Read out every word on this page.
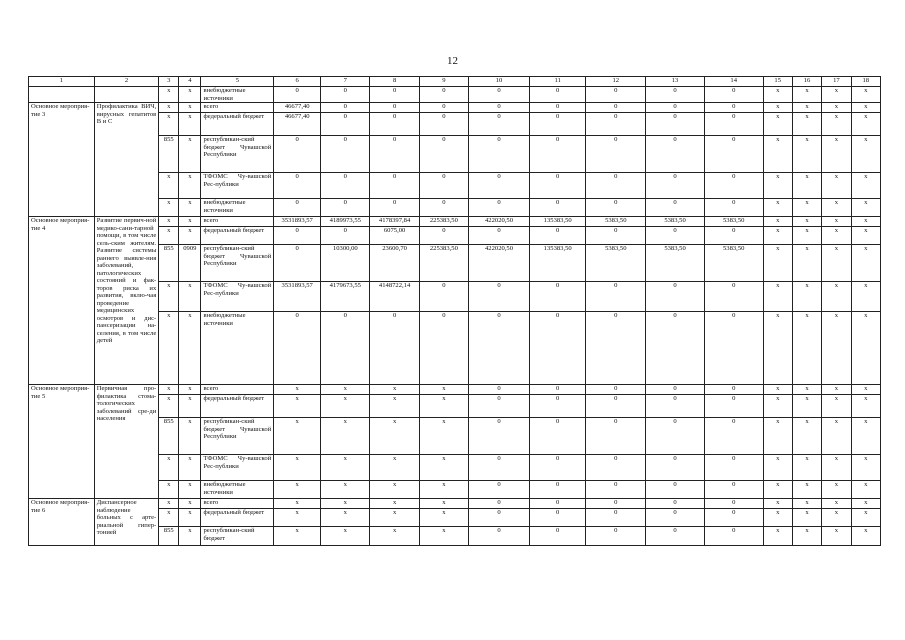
12
1	2	3	4	5	6	7	8	9	10	11	12	13	14	15	16	17	18
		x	x	внебюджетные источники	0	0	0	0	0	0	0	0	0	x	x	x	x
Основное мероприя-тие 3	Профилактика ВИЧ, вирусных гепатитов В и С	x	x	всего	46677,40	0	0	0	0	0	0	0	0	x	x	x	x
		x	x	федеральный бюджет	46677,40	0	0	0	0	0	0	0	0	x	x	x	x
		855	x	республикан-ский бюджет Чувашской Республики	0	0	0	0	0	0	0	0	0	x	x	x	x
		x	x	ТФОМС Чу-вашской Рес-публики	0	0	0	0	0	0	0	0	0	x	x	x	x
		x	x	внебюджетные источники	0	0	0	0	0	0	0	0	0	x	x	x	x
Основное мероприя-тие 4	Развитие первич-ной медико-сани-тарной помощи, в том числе сель-ским жителям. Развитие системы раннего выявле-ния заболеваний, патологических состояний и фак-торов риска их развития, вклю-чая проведение медицинских осмотров и дис-пансеризации на-селения, в том числе детей	x	x	всего	3531893,57	4189973,55	4178397,84	225383,50	422020,50	135383,50	5383,50	5383,50	5383,50	x	x	x	x
		x	x	федеральный бюджет	0	0	6075,00	0	0	0	0	0	0	x	x	x	x
		855	0909	республикан-ский бюджет Чувашской Республики	0	10300,00	23600,70	225383,50	422020,50	135383,50	5383,50	5383,50	5383,50	x	x	x	x
		x	x	ТФОМС Чу-вашской Рес-публики	3531893,57	4179673,55	4148722,14	0	0	0	0	0	0	x	x	x	x
		x	x	внебюджетные источники	0	0	0	0	0	0	0	0	0	x	x	x	x
Основное мероприя-тие 5	Первичная про-филактика стома-тологических заболеваний сре-ди населения	x	x	всего	x	x	x	x	0	0	0	0	0	x	x	x	x
		x	x	федеральный бюджет	x	x	x	x	0	0	0	0	0	x	x	x	x
		855	x	республикан-ский бюджет Чувашской Республики	x	x	x	x	0	0	0	0	0	x	x	x	x
		x	x	ТФОМС Чу-вашской Рес-публики	x	x	x	x	0	0	0	0	0	x	x	x	x
		x	x	внебюджетные источники	x	x	x	x	0	0	0	0	0	x	x	x	x
Основное мероприя-тие 6	Диспансерное наблюдение больных с арте-риальной гипер-тонией	x	x	всего	x	x	x	x	0	0	0	0	0	x	x	x	x
		x	x	федеральный бюджет	x	x	x	x	0	0	0	0	0	x	x	x	x
		855	x	республикан-ский бюджет	x	x	x	x	0	0	0	0	0	x	x	x	x
